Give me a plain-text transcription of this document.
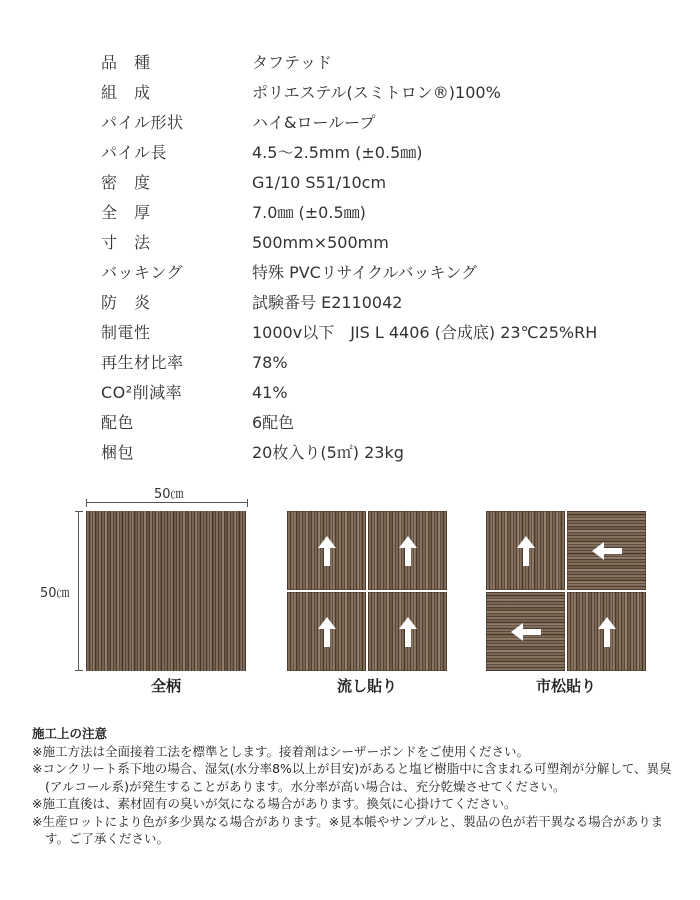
品　種	タフテッド
組　成	ポリエステル(スミトロン®)100%
パイル形状	ハイ&ローループ
パイル長	4.5〜2.5mm (±0.5㎜)
密　度	G1/10 S51/10cm
全　厚	7.0㎜ (±0.5㎜)
寸　法	500mm×500mm
バッキング	特殊 PVCリサイクルバッキング
防　炎	試験番号 E2110042
制電性	1000v以下　JIS L 4406 (合成底) 23℃25%RH
再生材比率	78%
CO²削減率	41%
配色	6配色
梱包	20枚入り(5㎡) 23kg
50㎝
50㎝
全柄	流し貼り	市松貼り
施工上の注意
※施工方法は全面接着工法を標準とします。接着剤はシーザーボンドをご使用ください。
※コンクリート系下地の場合、湿気(水分率8%以上が目安)があると塩ビ樹脂中に含まれる可塑剤が分解して、異臭(アルコール系)が発生することがあります。水分率が高い場合は、充分乾燥させてください。
※施工直後は、素材固有の臭いが気になる場合があります。換気に心掛けてください。
※生産ロットにより色が多少異なる場合があります。※見本帳やサンプルと、製品の色が若干異なる場合があります。ご了承ください。
